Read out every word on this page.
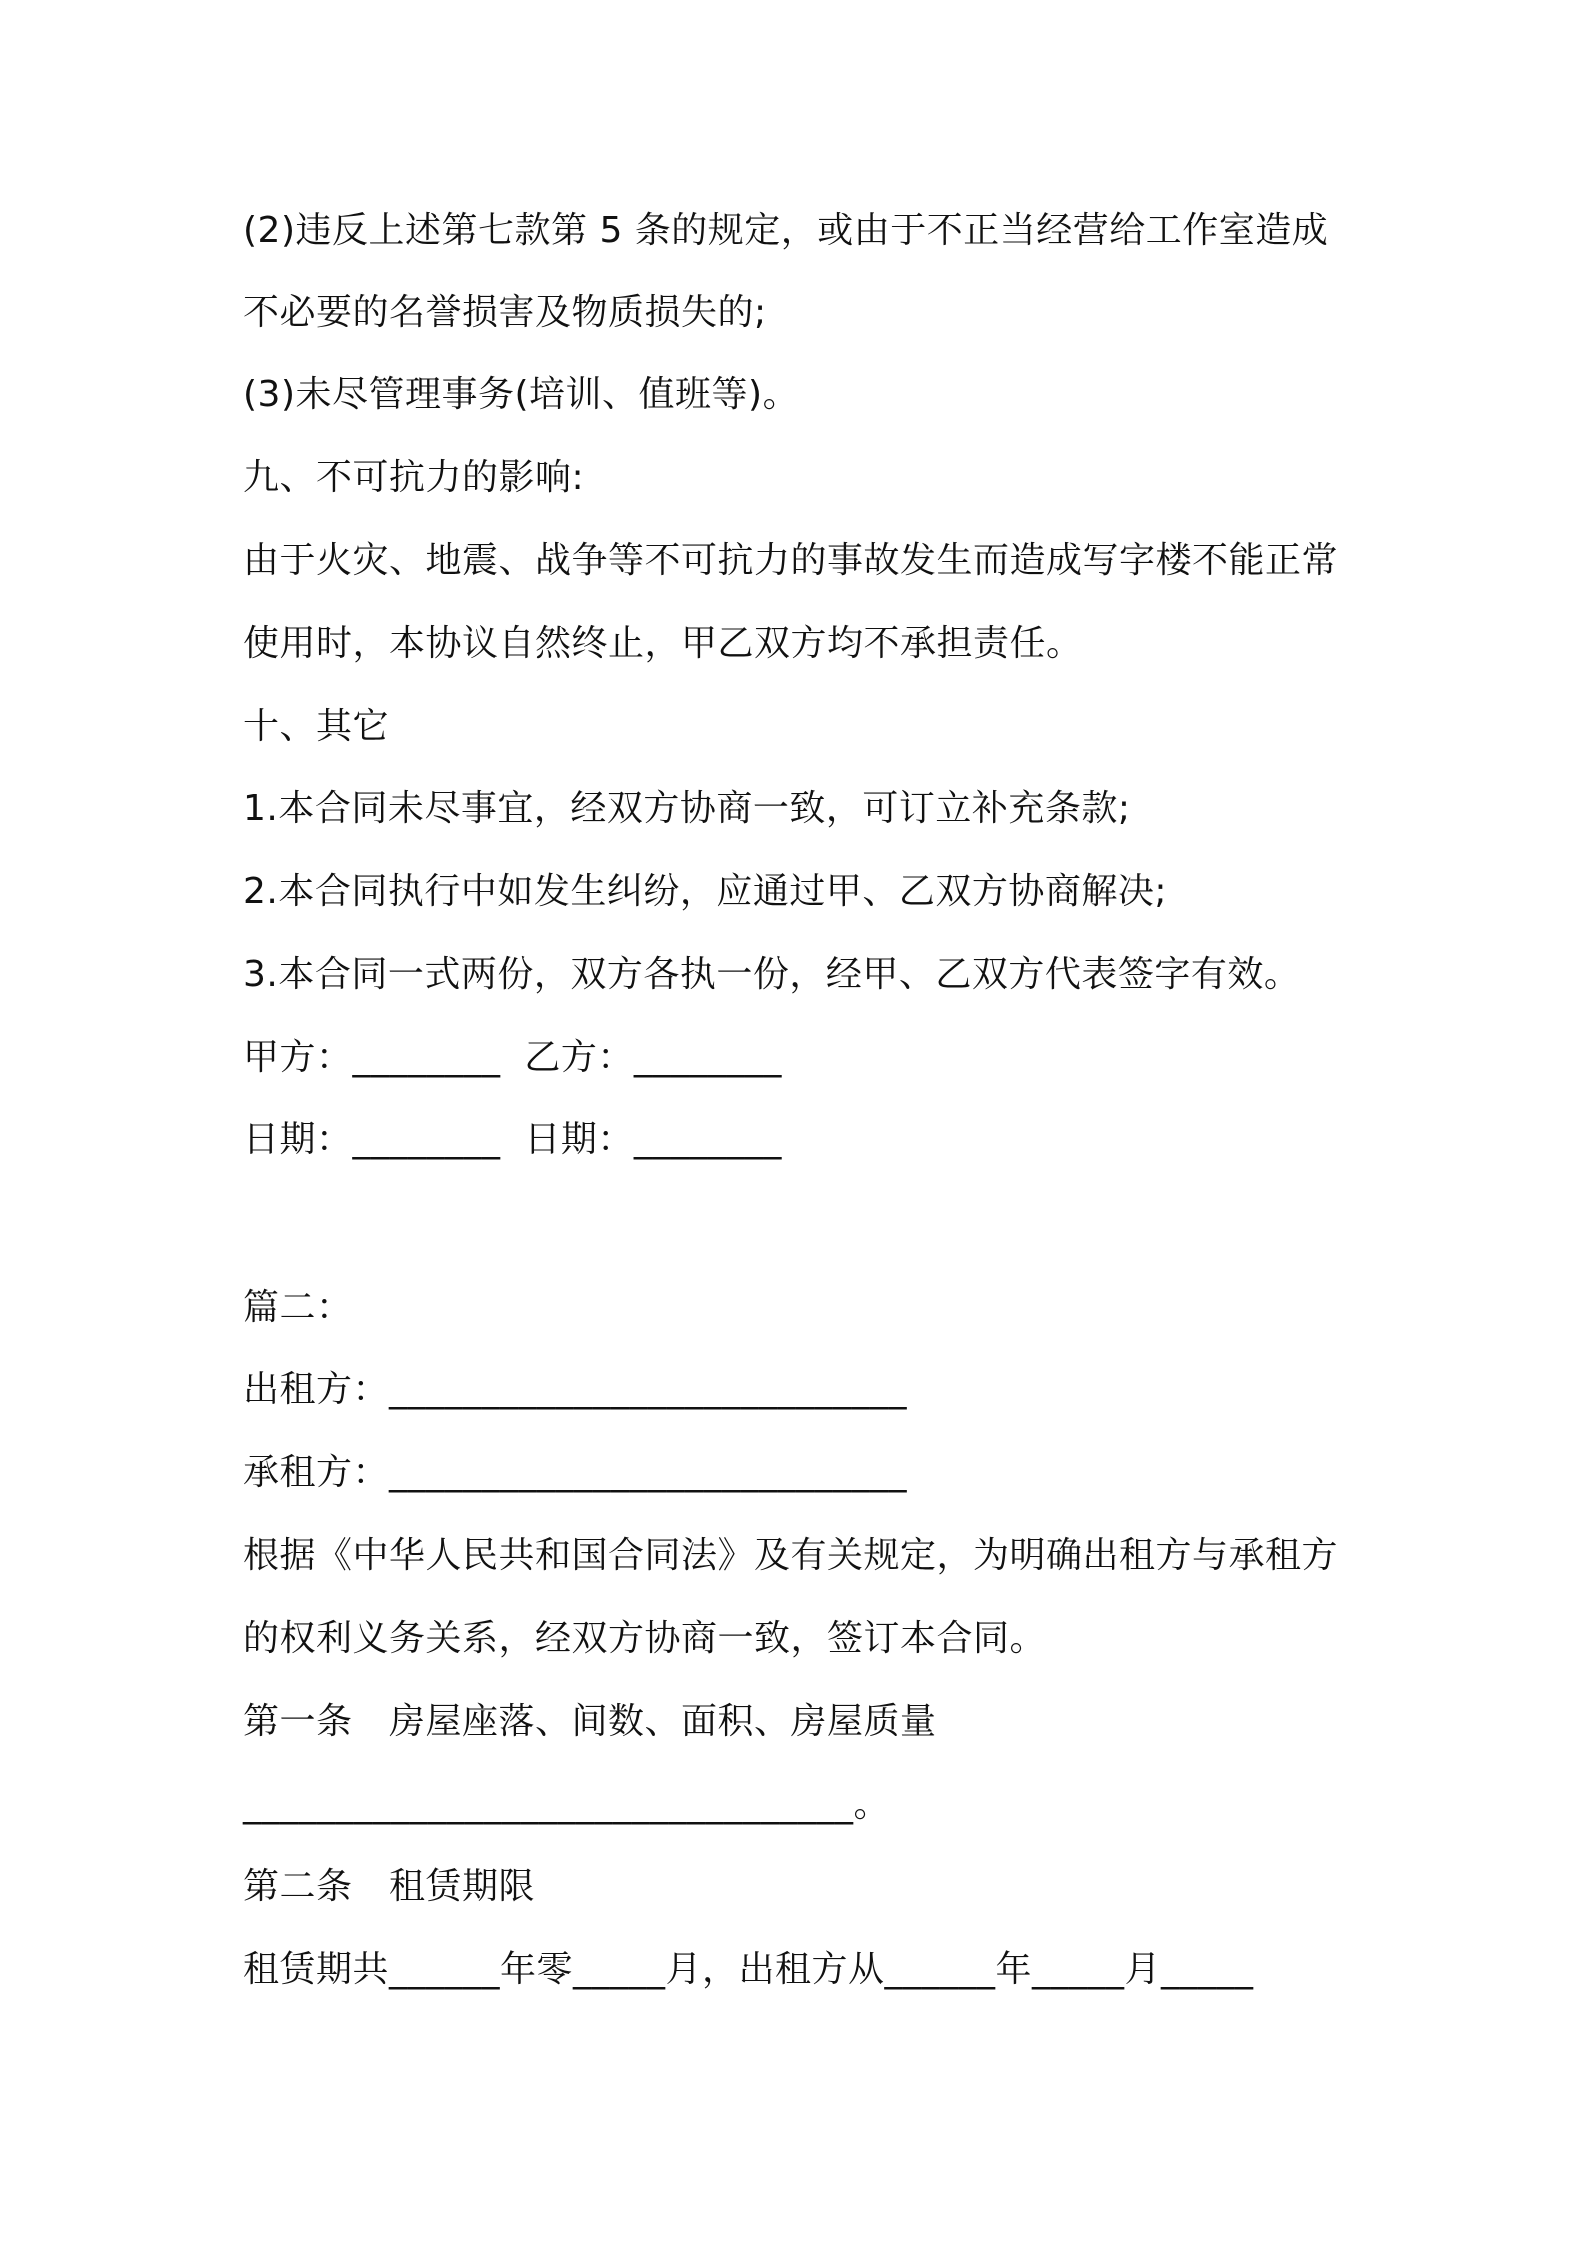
(2)违反上述第七款第 5 条的规定，或由于不正当经营给工作室造成
不必要的名誉损害及物质损失的;
(3)未尽管理事务(培训、值班等)。
九、不可抗力的影响:
由于火灾、地震、战争等不可抗力的事故发生而造成写字楼不能正常
使用时，本协议自然终止，甲乙双方均不承担责任。
十、其它
1.本合同未尽事宜，经双方协商一致，可订立补充条款;
2.本合同执行中如发生纠纷，应通过甲、乙双方协商解决;
3.本合同一式两份，双方各执一份，经甲、乙双方代表签字有效。
甲方：________  乙方：________
日期：________  日期：________
篇二：
出租方：____________________________
承租方：____________________________
根据《中华人民共和国合同法》及有关规定，为明确出租方与承租方
的权利义务关系，经双方协商一致，签订本合同。
第一条　房屋座落、间数、面积、房屋质量
_________________________________。
第二条　租赁期限
租赁期共______年零_____月，出租方从______年_____月_____
